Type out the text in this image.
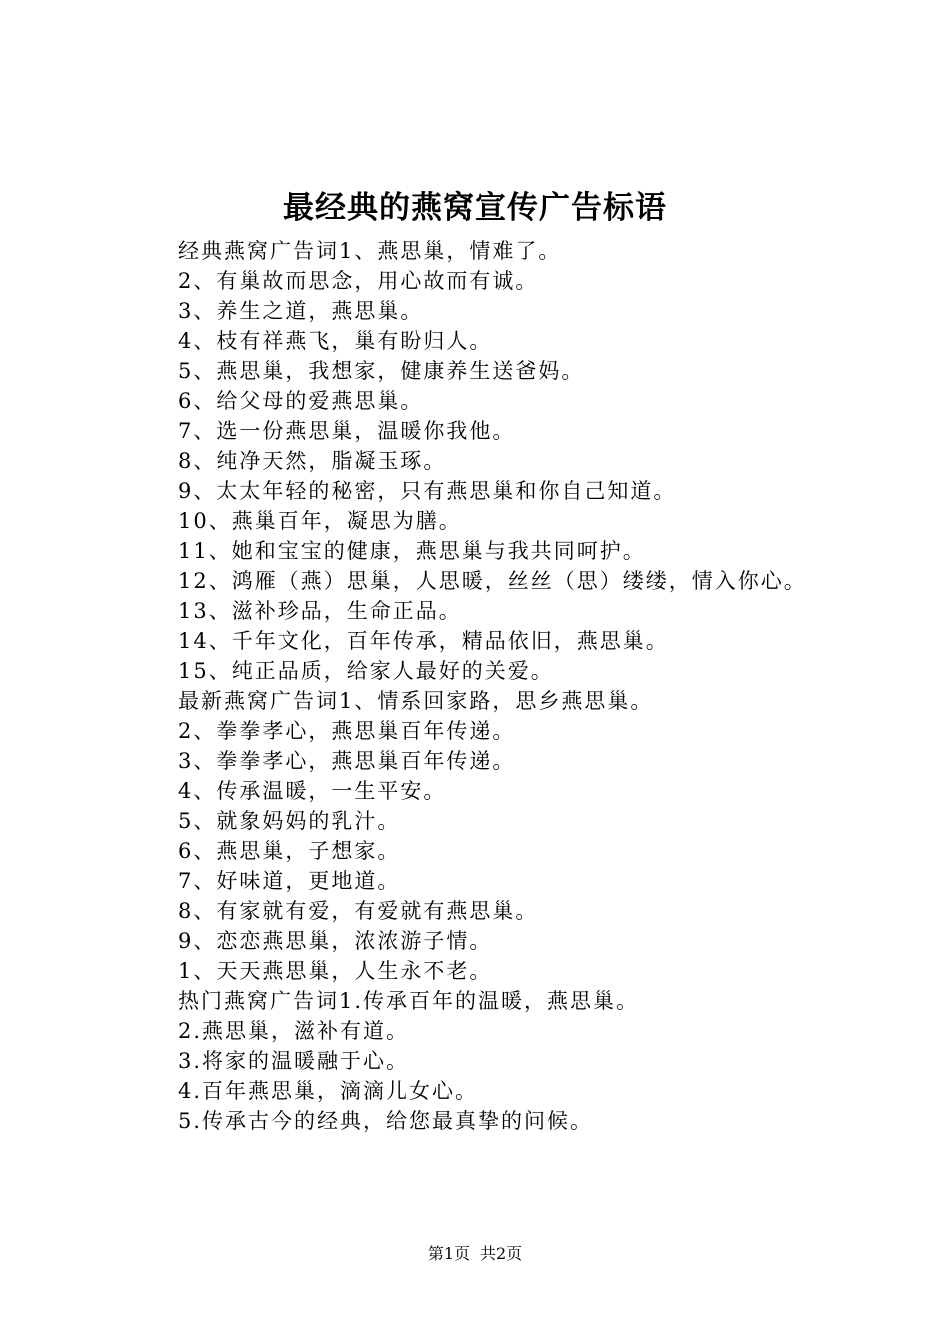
最经典的燕窝宣传广告标语

经典燕窝广告词1、燕思巢，情难了。

2、有巢故而思念，用心故而有诚。

3、养生之道，燕思巢。

4、枝有祥燕飞，巢有盼归人。

5、燕思巢，我想家，健康养生送爸妈。

6、给父母的爱燕思巢。

7、选一份燕思巢，温暖你我他。

8、纯净天然，脂凝玉琢。

9、太太年轻的秘密，只有燕思巢和你自己知道。

10、燕巢百年，凝思为膳。

11、她和宝宝的健康，燕思巢与我共同呵护。

12、鸿雁（燕）思巢，人思暖，丝丝（思）缕缕，情入你心。

13、滋补珍品，生命正品。

14、千年文化，百年传承，精品依旧，燕思巢。

15、纯正品质，给家人最好的关爱。

最新燕窝广告词1、情系回家路，思乡燕思巢。

2、拳拳孝心，燕思巢百年传递。

3、拳拳孝心，燕思巢百年传递。

4、传承温暖，一生平安。

5、就象妈妈的乳汁。

6、燕思巢，子想家。

7、好味道，更地道。

8、有家就有爱，有爱就有燕思巢。

9、恋恋燕思巢，浓浓游子情。

1、天天燕思巢，人生永不老。

热门燕窝广告词1.传承百年的温暖，燕思巢。

2.燕思巢，滋补有道。

3.将家的温暖融于心。

4.百年燕思巢，滴滴儿女心。

5.传承古今的经典，给您最真挚的问候。

第1页 共2页
